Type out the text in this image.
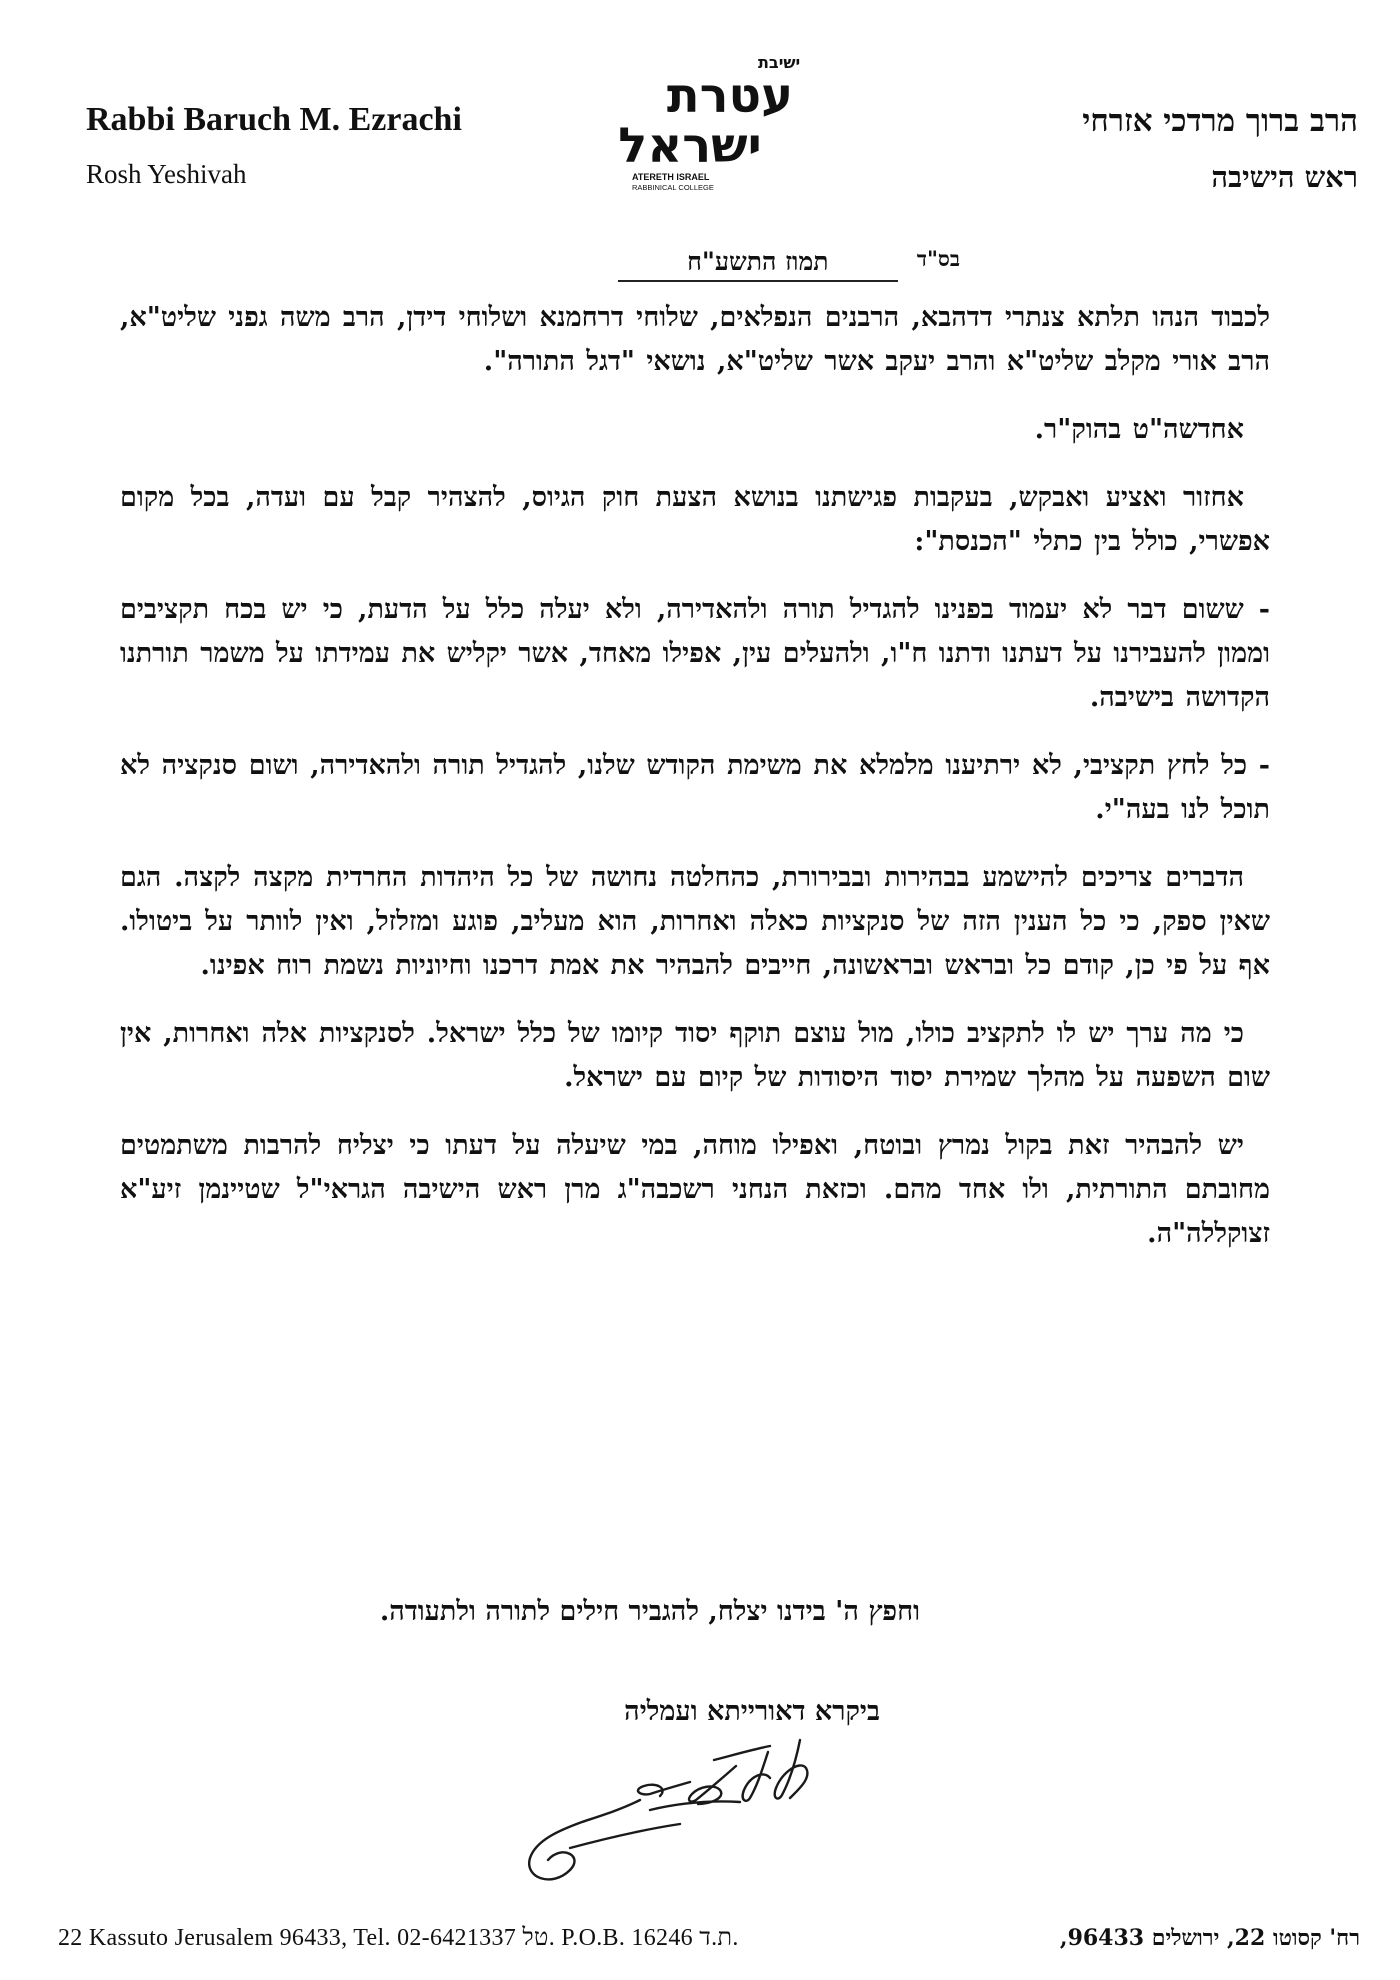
Rabbi Baruch M. Ezrachi
Rosh Yeshivah
ישיבת
עטרת
ישראל
ATERETH ISRAEL
RABBINICAL COLLEGE
הרב ברוך מרדכי אזרחי
ראש הישיבה
בס"ד תמוז התשע"ח

לכבוד הנהו תלתא צנתרי דדהבא, הרבנים הנפלאים, שלוחי דרחמנא ושלוחי דידן, הרב משה גפני שליט"א, הרב אורי מקלב שליט"א והרב יעקב אשר שליט"א, נושאי "דגל התורה".

אחדשה"ט בהוק"ר.

אחזור ואציע ואבקש, בעקבות פגישתנו בנושא הצעת חוק הגיוס, להצהיר קבל עם ועדה, בכל מקום אפשרי, כולל בין כתלי "הכנסת":

- ששום דבר לא יעמוד בפנינו להגדיל תורה ולהאדירה, ולא יעלה כלל על הדעת, כי יש בכח תקציבים וממון להעבירנו על דעתנו ודתנו ח"ו, ולהעלים עין, אפילו מאחד, אשר יקליש את עמידתו על משמר תורתנו הקדושה בישיבה.

- כל לחץ תקציבי, לא ירתיענו מלמלא את משימת הקודש שלנו, להגדיל תורה ולהאדירה, ושום סנקציה לא תוכל לנו בעה"י.

הדברים צריכים להישמע בבהירות ובבירורת, כהחלטה נחושה של כל היהדות החרדית מקצה לקצה. הגם שאין ספק, כי כל הענין הזה של סנקציות כאלה ואחרות, הוא מעליב, פוגע ומזלזל, ואין לוותר על ביטולו. אף על פי כן, קודם כל ובראש ובראשונה, חייבים להבהיר את אמת דרכנו וחיוניות נשמת רוח אפינו.

כי מה ערך יש לו לתקציב כולו, מול עוצם תוקף יסוד קיומו של כלל ישראל. לסנקציות אלה ואחרות, אין שום השפעה על מהלך שמירת יסוד היסודות של קיום עם ישראל.

יש להבהיר זאת בקול נמרץ ובוטח, ואפילו מוחה, במי שיעלה על דעתו כי יצליח להרבות משתמטים מחובתם התורתית, ולו אחד מהם. וכזאת הנחני רשכבה"ג מרן ראש הישיבה הגראי"ל שטיינמן זיע"א זצוקללה"ה.

וחפץ ה' בידנו יצלח, להגביר חילים לתורה ולתעודה.
ביקרא דאורייתא ועמליה
22 Kassuto Jerusalem 96433, Tel. 02-6421337 טל. P.O.B. 16246 ת.ד.	רח' קסוטו 22, ירושלים 96433,
